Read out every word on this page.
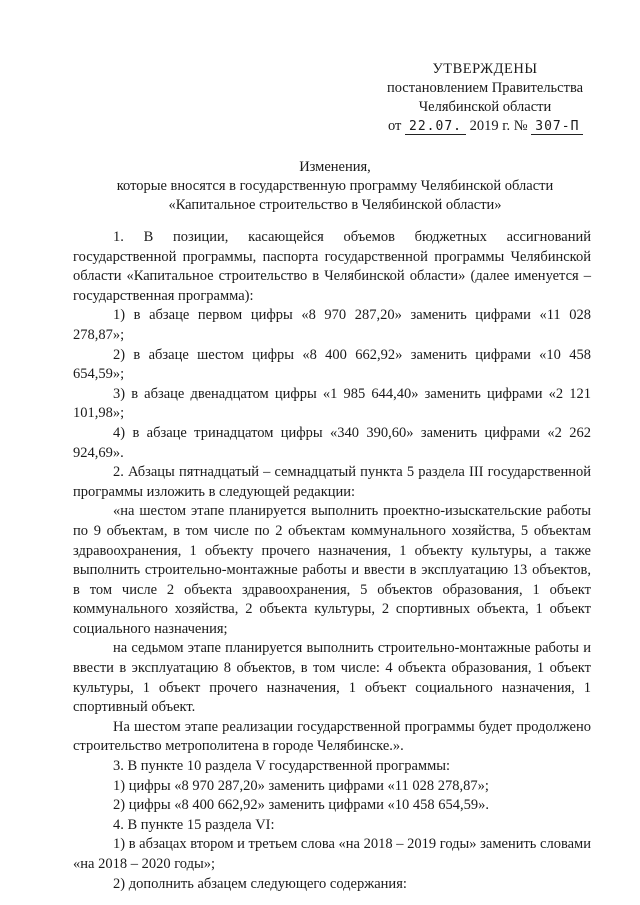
УТВЕРЖДЕНЫ
постановлением Правительства
Челябинской области
от 22.07. 2019 г. № 307-П
Изменения,
которые вносятся в государственную программу Челябинской области
«Капитальное строительство в Челябинской области»

1. В позиции, касающейся объемов бюджетных ассигнований государственной программы, паспорта государственной программы Челябинской области «Капитальное строительство в Челябинской области» (далее именуется – государственная программа):

1) в абзаце первом цифры «8 970 287,20» заменить цифрами «11 028 278,87»;

2) в абзаце шестом цифры «8 400 662,92» заменить цифрами «10 458 654,59»;

3) в абзаце двенадцатом цифры «1 985 644,40» заменить цифрами «2 121 101,98»;

4) в абзаце тринадцатом цифры «340 390,60» заменить цифрами «2 262 924,69».

2. Абзацы пятнадцатый – семнадцатый пункта 5 раздела III государственной программы изложить в следующей редакции:

«на шестом этапе планируется выполнить проектно-изыскательские работы по 9 объектам, в том числе по 2 объектам коммунального хозяйства, 5 объектам здравоохранения, 1 объекту прочего назначения, 1 объекту культуры, а также выполнить строительно-монтажные работы и ввести в эксплуатацию 13 объектов, в том числе 2 объекта здравоохранения, 5 объектов образования, 1 объект коммунального хозяйства, 2 объекта культуры, 2 спортивных объекта, 1 объект социального назначения;

на седьмом этапе планируется выполнить строительно-монтажные работы и ввести в эксплуатацию 8 объектов, в том числе: 4 объекта образования, 1 объект культуры, 1 объект прочего назначения, 1 объект социального назначения, 1 спортивный объект.

На шестом этапе реализации государственной программы будет продолжено строительство метрополитена в городе Челябинске.».

3. В пункте 10 раздела V государственной программы:

1) цифры «8 970 287,20» заменить цифрами «11 028 278,87»;

2) цифры «8 400 662,92» заменить цифрами «10 458 654,59».

4. В пункте 15 раздела VI:

1) в абзацах втором и третьем слова «на 2018 – 2019 годы» заменить словами «на 2018 – 2020 годы»;

2) дополнить абзацем следующего содержания:
